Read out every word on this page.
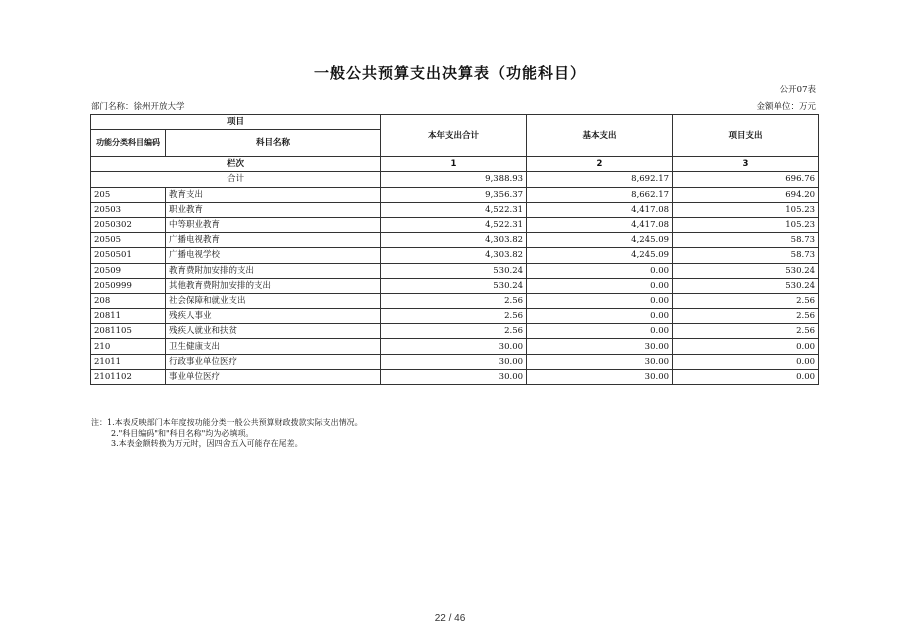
一般公共预算支出决算表（功能科目）
公开07表
部门名称：徐州开放大学	金额单位：万元
项目		本年支出合计	基本支出	项目支出
功能分类科目编码	科目名称			
栏次		1	2	3
合计		9,388.93	8,692.17	696.76
205	教育支出	9,356.37	8,662.17	694.20
20503	职业教育	4,522.31	4,417.08	105.23
2050302	中等职业教育	4,522.31	4,417.08	105.23
20505	广播电视教育	4,303.82	4,245.09	58.73
2050501	广播电视学校	4,303.82	4,245.09	58.73
20509	教育费附加安排的支出	530.24	0.00	530.24
2050999	其他教育费附加安排的支出	530.24	0.00	530.24
208	社会保障和就业支出	2.56	0.00	2.56
20811	残疾人事业	2.56	0.00	2.56
2081105	残疾人就业和扶贫	2.56	0.00	2.56
210	卫生健康支出	30.00	30.00	0.00
21011	行政事业单位医疗	30.00	30.00	0.00
2101102	事业单位医疗	30.00	30.00	0.00
注：1.本表反映部门本年度按功能分类一般公共预算财政拨款实际支出情况。
2."科目编码"和"科目名称"均为必填项。
3.本表金额转换为万元时，因四舍五入可能存在尾差。
22 / 46
